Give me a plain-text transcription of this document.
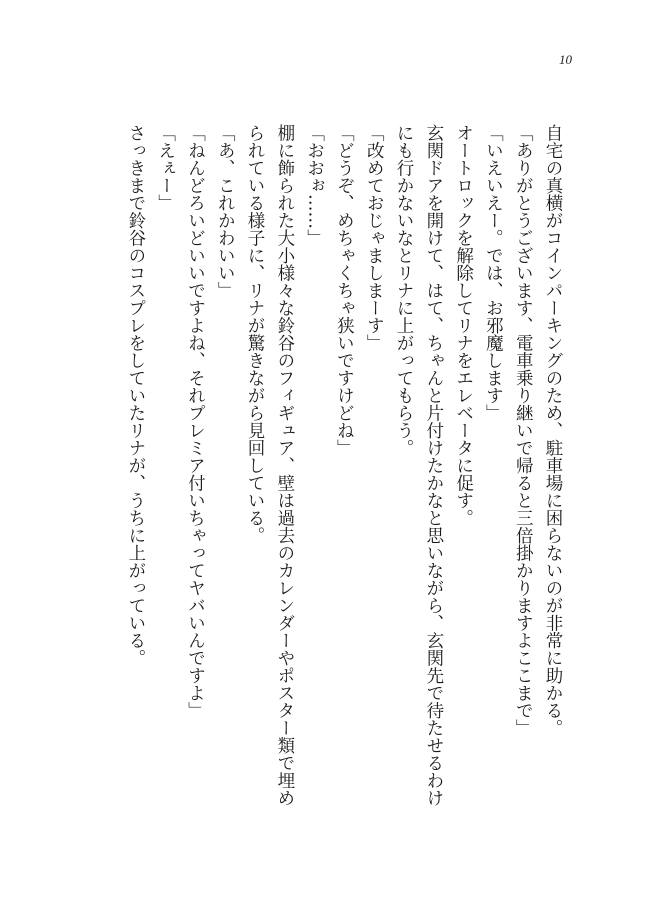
10

自宅の真横がコインパーキングのため、駐車場に困らないのが非常に助かる。

「ありがとうございます、電車乗り継いで帰ると三倍掛かりますよここまで」

「いえいえー。では、お邪魔します」

オートロックを解除してリナをエレベータに促す。

玄関ドアを開けて、はて、ちゃんと片付けたかなと思いながら、玄関先で待たせるわけ

にも行かないなとリナに上がってもらう。

「改めておじゃましまーす」

「どうぞ、めちゃくちゃ狭いですけどね」

「おおぉ……」

棚に飾られた大小様々な鈴谷のフィギュア、壁は過去のカレンダーやポスター類で埋め

られている様子に、リナが驚きながら見回している。

「あ、これかわいい」

「ねんどろいどいいですよね、それプレミア付いちゃってヤバいんですよ」

「えぇー」

さっきまで鈴谷のコスプレをしていたリナが、うちに上がっている。
